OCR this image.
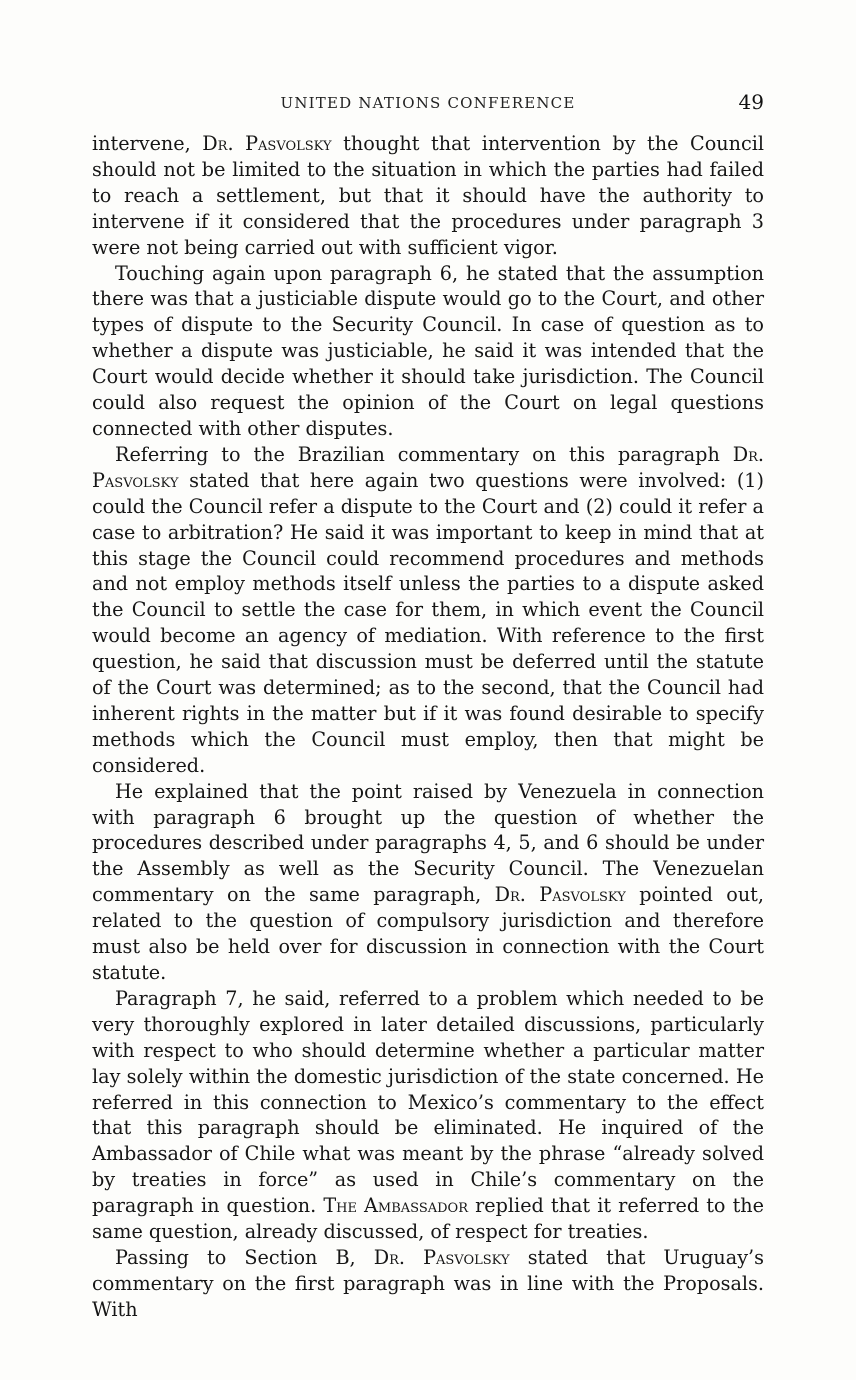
UNITED NATIONS CONFERENCE	49

intervene, Dr. Pasvolsky thought that intervention by the Council should not be limited to the situation in which the parties had failed to reach a settlement, but that it should have the authority to intervene if it considered that the procedures under paragraph 3 were not being carried out with sufficient vigor.

Touching again upon paragraph 6, he stated that the assumption there was that a justiciable dispute would go to the Court, and other types of dispute to the Security Council. In case of question as to whether a dispute was justiciable, he said it was intended that the Court would decide whether it should take jurisdiction. The Council could also request the opinion of the Court on legal questions connected with other disputes.

Referring to the Brazilian commentary on this paragraph Dr. Pasvolsky stated that here again two questions were involved: (1) could the Council refer a dispute to the Court and (2) could it refer a case to arbitration? He said it was important to keep in mind that at this stage the Council could recommend procedures and methods and not employ methods itself unless the parties to a dispute asked the Council to settle the case for them, in which event the Council would become an agency of mediation. With reference to the first question, he said that discussion must be deferred until the statute of the Court was determined; as to the second, that the Council had inherent rights in the matter but if it was found desirable to specify methods which the Council must employ, then that might be considered.

He explained that the point raised by Venezuela in connection with paragraph 6 brought up the question of whether the procedures described under paragraphs 4, 5, and 6 should be under the Assembly as well as the Security Council. The Venezuelan commentary on the same paragraph, Dr. Pasvolsky pointed out, related to the question of compulsory jurisdiction and therefore must also be held over for discussion in connection with the Court statute.

Paragraph 7, he said, referred to a problem which needed to be very thoroughly explored in later detailed discussions, particularly with respect to who should determine whether a particular matter lay solely within the domestic jurisdiction of the state concerned. He referred in this connection to Mexico’s commentary to the effect that this paragraph should be eliminated. He inquired of the Ambassador of Chile what was meant by the phrase “already solved by treaties in force” as used in Chile’s commentary on the paragraph in question. The Ambassador replied that it referred to the same question, already discussed, of respect for treaties.

Passing to Section B, Dr. Pasvolsky stated that Uruguay’s commentary on the first paragraph was in line with the Proposals. With
